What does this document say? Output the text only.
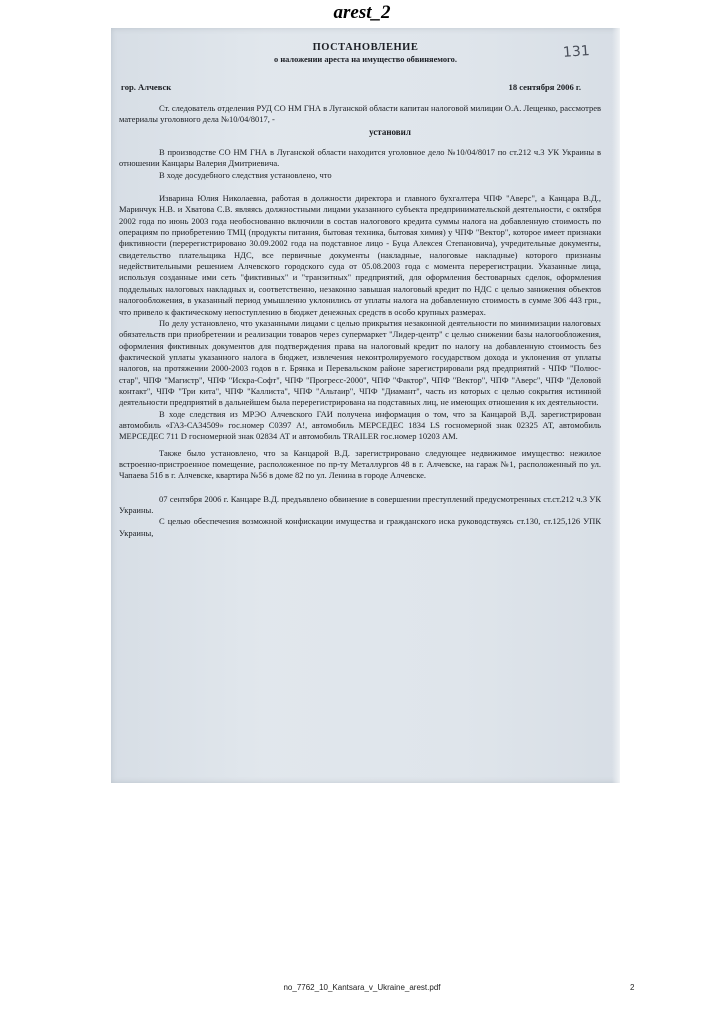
arest_2
ПОСТАНОВЛЕНИЕ
о наложении ареста на имущество обвиняемого.	131
гор. Алчевск	18 сентября 2006 г.

Ст. следователь отделения РУД СО НМ ГНА в Луганской области капитан налоговой милиции О.А. Лещенко, рассмотрев материалы уголовного дела №10/04/8017, -

установил

В производстве СО НМ ГНА в Луганской области находится уголовное дело №10/04/8017 по ст.212 ч.3 УК Украины в отношении Канцары Валерия Дмитриевича.

В ходе досудебного следствия установлено, что

Изварина Юлия Николаевна, работая в должности директора и главного бухгалтера ЧПФ "Аверс", а Канцара В.Д., Маринчук Н.В. и Хватова С.В. являясь должностными лицами указанного субъекта предпринимательской деятельности, с октября 2002 года по июнь 2003 года необоснованно включили в состав налогового кредита суммы налога на добавленную стоимость по операциям по приобретению ТМЦ (продукты питания, бытовая техника, бытовая химия) у ЧПФ "Вектор", которое имеет признаки фиктивности (перерегистрировано 30.09.2002 года на подставное лицо - Буца Алексея Степановича), учредительные документы, свидетельство плательщика НДС, все первичные документы (накладные, налоговые накладные) которого признаны недействительными решением Алчевского городского суда от 05.08.2003 года с момента перерегистрации. Указанные лица, используя созданные ими сеть "фиктивных" и "транзитных" предприятий, для оформления бестоварных сделок, оформления поддельных налоговых накладных и, соответственно, незаконно завышая налоговый кредит по НДС с целью занижения объектов налогообложения, в указанный период умышленно уклонились от уплаты налога на добавленную стоимость в сумме 306 443 грн., что привело к фактическому непоступлению в бюджет денежных средств в особо крупных размерах.

По делу установлено, что указанными лицами с целью прикрытия незаконной деятельности по минимизации налоговых обязательств при приобретении и реализации товаров через супермаркет "Лидер-центр" с целью снижении базы налогообложения, оформления фиктивных документов для подтверждения права на налоговый кредит по налогу на добавленную стоимость без фактической уплаты указанного налога в бюджет, извлечения неконтролируемого государством дохода и уклонения от уплаты налогов, на протяжении 2000-2003 годов в г. Брянка и Перевальском районе зарегистрировали ряд предприятий - ЧПФ "Полюс-стар", ЧПФ "Магистр", ЧПФ "Искра-Софт", ЧПФ "Прогресс-2000", ЧПФ "Фактор", ЧПФ "Вектор", ЧПФ "Аверс", ЧПФ "Деловой контакт", ЧПФ "Три кита", ЧПФ "Каллиста", ЧПФ "Альтаир", ЧПФ "Диамант", часть из которых с целью сокрытия истинной деятельности предприятий в дальнейшем была перерегистрирована на подставных лиц, не имеющих отношения к их деятельности.

В ходе следствия из МРЭО Алчевского ГАИ получена информация о том, что за Канцарой В.Д. зарегистрирован автомобиль «ГАЗ-СА34509» гос.номер С0397 А!, автомобиль МЕРСЕДЕС 1834 LS госномерной знак 02325 АТ, автомобиль МЕРСЕДЕС 711 D госномерной знак 02834 АТ и автомобиль TRAILER гос.номер 10203 АМ.

Также было установлено, что за Канцарой В.Д. зарегистрировано следующее недвижимое имущество: нежилое встроенно-пристроенное помещение, расположенное по пр-ту Металлургов 48 в г. Алчевске, на гараж №1, расположенный по ул. Чапаева 51б в г. Алчевске, квартира №56 в доме 82 по ул. Ленина в городе Алчевске.

07 сентября 2006 г. Канцаре В.Д. предъявлено обвинение в совершении преступлений предусмотренных ст.ст.212 ч.3 УК Украины.

С целью обеспечения возможной конфискации имущества и гражданского иска руководствуясь ст.130, ст.125,126 УПК Украины,

no_7762_10_Kantsara_v_Ukraine_arest.pdf	2
